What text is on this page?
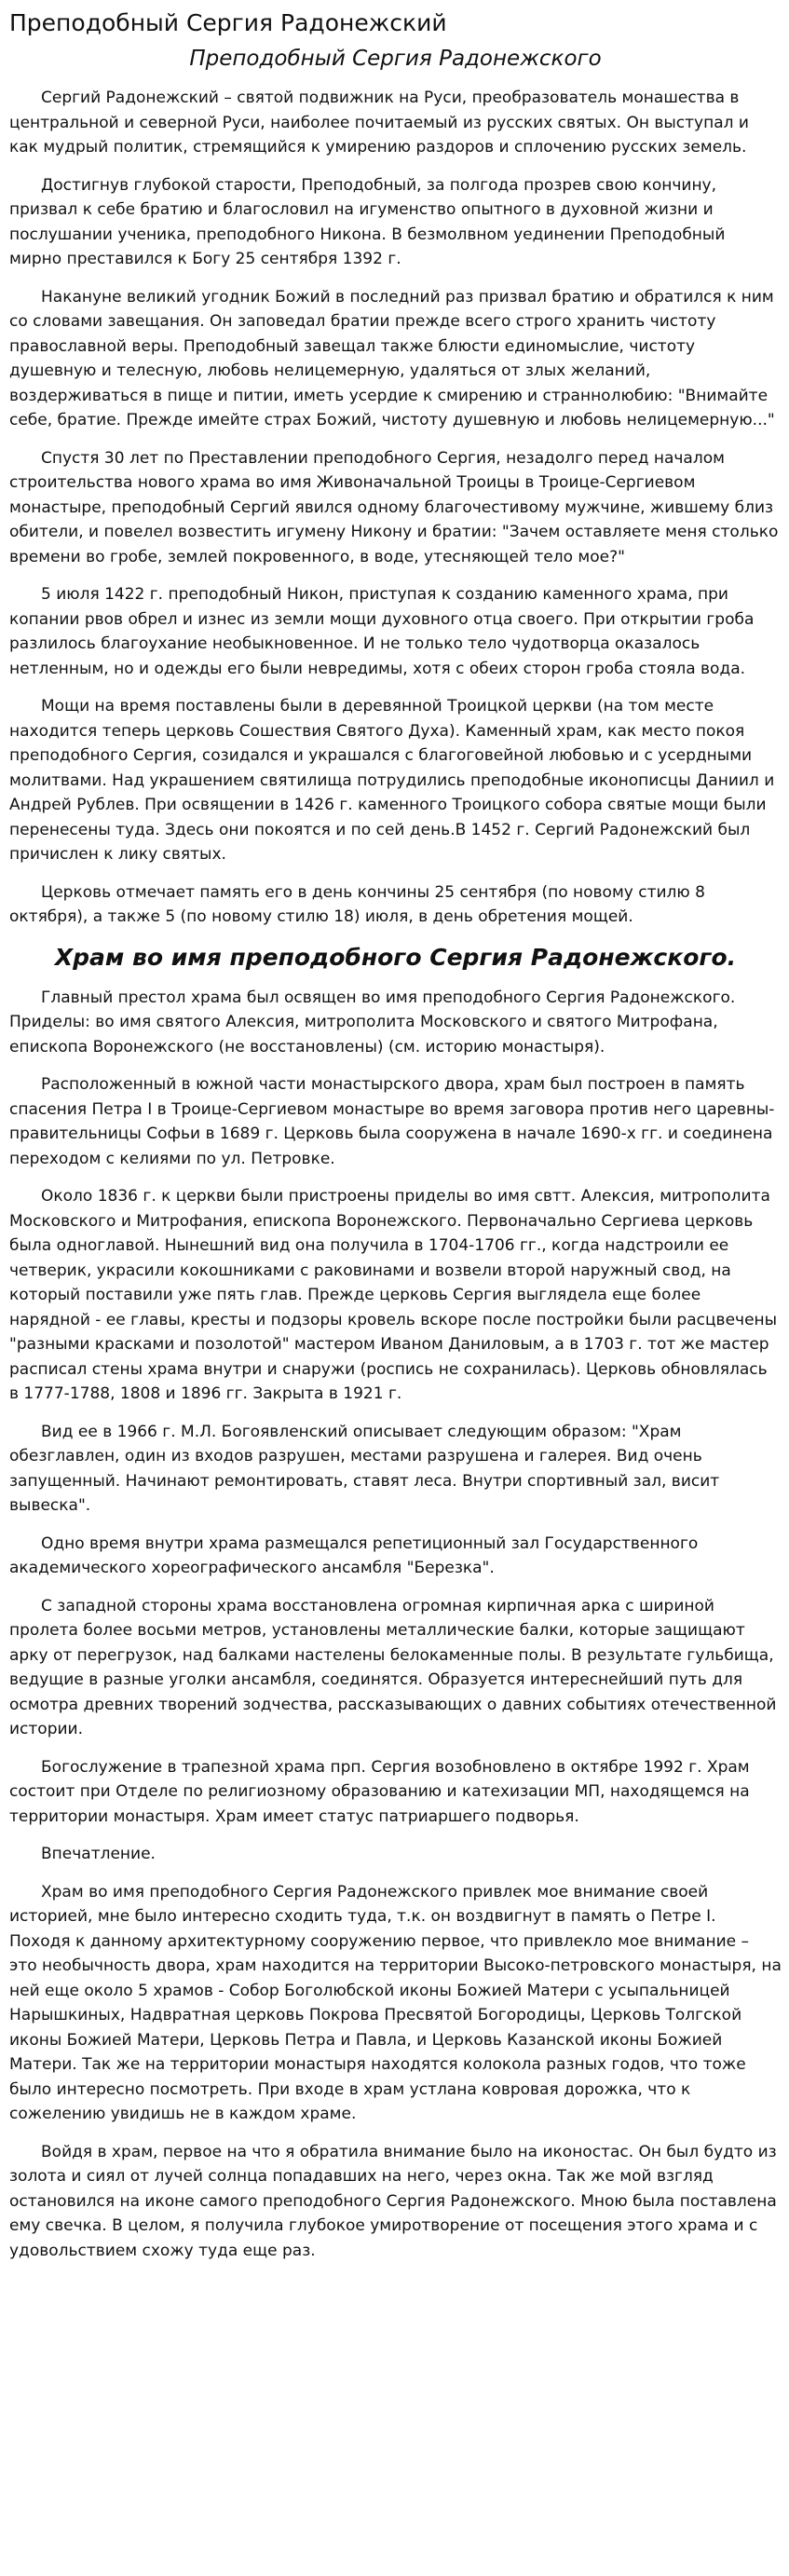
Преподобный Сергия Радонежский
Преподобный Сергия Радонежского

Сергий Радонежский – святой подвижник на Руси, преобразователь монашества в центральной и северной Руси, наиболее почитаемый из русских святых. Он выступал и как мудрый политик, стремящийся к умирению раздоров и сплочению русских земель.

Достигнув глубокой старости, Преподобный, за полгода прозрев свою кончину, призвал к себе братию и благословил на игуменство опытного в духовной жизни и послушании ученика, преподобного Никона. В безмолвном уединении Преподобный мирно преставился к Богу 25 сентября 1392 г.

Накануне великий угодник Божий в последний раз призвал братию и обратился к ним со словами завещания. Он заповедал братии прежде всего строго хранить чистоту православной веры. Преподобный завещал также блюсти единомыслие, чистоту душевную и телесную, любовь нелицемерную, удаляться от злых желаний, воздерживаться в пище и питии, иметь усердие к смирению и страннолюбию: "Внимайте себе, братие. Прежде имейте страх Божий, чистоту душевную и любовь нелицемерную..."

Спустя 30 лет по Преставлении преподобного Сергия, незадолго перед началом строительства нового храма во имя Живоначальной Троицы в Троице-Сергиевом монастыре, преподобный Сергий явился одному благочестивому мужчине, жившему близ обители, и повелел возвестить игумену Никону и братии: "Зачем оставляете меня столько времени во гробе, землей покровенного, в воде, утесняющей тело мое?"

5 июля 1422 г. преподобный Никон, приступая к созданию каменного храма, при копании рвов обрел и изнес из земли мощи духовного отца своего. При открытии гроба разлилось благоухание необыкновенное. И не только тело чудотворца оказалось нетленным, но и одежды его были невредимы, хотя с обеих сторон гроба стояла вода.

Мощи на время поставлены были в деревянной Троицкой церкви (на том месте находится теперь церковь Сошествия Святого Духа). Каменный храм, как место покоя преподобного Сергия, созидался и украшался с благоговейной любовью и с усердными молитвами. Над украшением святилища потрудились преподобные иконописцы Даниил и Андрей Рублев. При освящении в 1426 г. каменного Троицкого собора святые мощи были перенесены туда. Здесь они покоятся и по сей день.В 1452 г. Сергий Радонежский был причислен к лику святых.

Церковь отмечает память его в день кончины 25 сентября (по новому стилю 8 октября), а также 5 (по новому стилю 18) июля, в день обретения мощей.

Храм во имя преподобного Сергия Радонежского.

Главный престол храма был освящен во имя преподобного Сергия Радонежского. Приделы: во имя святого Алексия, митрополита Московского и святого Митрофана, епископа Воронежского (не восстановлены) (см. историю монастыря).

Расположенный в южной части монастырского двора, храм был построен в память спасения Петра I в Троице-Сергиевом монастыре во время заговора против него царевны-правительницы Софьи в 1689 г. Церковь была сооружена в начале 1690-х гг. и соединена переходом с келиями по ул. Петровке.

Около 1836 г. к церкви были пристроены приделы во имя свтт. Алексия, митрополита Московского и Митрофания, епископа Воронежского. Первоначально Сергиева церковь была одноглавой. Нынешний вид она получила в 1704-1706 гг., когда надстроили ее четверик, украсили кокошниками с раковинами и возвели второй наружный свод, на который поставили уже пять глав. Прежде церковь Сергия выглядела еще более нарядной - ее главы, кресты и подзоры кровель вскоре после постройки были расцвечены "разными красками и позолотой" мастером Иваном Даниловым, а в 1703 г. тот же мастер расписал стены храма внутри и снаружи (роспись не сохранилась). Церковь обновлялась в 1777-1788, 1808 и 1896 гг. Закрыта в 1921 г.

Вид ее в 1966 г. М.Л. Богоявленский описывает следующим образом: "Храм обезглавлен, один из входов разрушен, местами разрушена и галерея. Вид очень запущенный. Начинают ремонтировать, ставят леса. Внутри спортивный зал, висит вывеска".

Одно время внутри храма размещался репетиционный зал Государственного академического хореографического ансамбля "Березка".

С западной стороны храма восстановлена огромная кирпичная арка с шириной пролета более восьми метров, установлены металлические балки, которые защищают арку от перегрузок, над балками настелены белокаменные полы. В результате гульбища, ведущие в разные уголки ансамбля, соединятся. Образуется интереснейший путь для осмотра древних творений зодчества, рассказывающих о давних событиях отечественной истории.

Богослужение в трапезной храма прп. Сергия возобновлено в октябре 1992 г. Храм состоит при Отделе по религиозному образованию и катехизации МП, находящемся на территории монастыря. Храм имеет статус патриаршего подворья.

Впечатление.

Храм во имя преподобного Сергия Радонежского привлек мое внимание своей историей, мне было интересно сходить туда, т.к. он воздвигнут в память о Петре I. Походя к данному архитектурному сооружению первое, что привлекло мое внимание – это необычность двора, храм находится на территории Высоко-петровского монастыря, на ней еще около 5 храмов - Собор Боголюбской иконы Божией Матери с усыпальницей Нарышкиных, Надвратная церковь Покрова Пресвятой Богородицы, Церковь Толгской иконы Божией Матери, Церковь Петра и Павла, и Церковь Казанской иконы Божией Матери. Так же на территории монастыря находятся колокола разных годов, что тоже было интересно посмотреть. При входе в храм устлана ковровая дорожка, что к сожелению увидишь не в каждом храме.

Войдя в храм, первое на что я обратила внимание было на иконостас. Он был будто из золота и сиял от лучей солнца попадавших на него, через окна. Так же мой взгляд остановился на иконе самого преподобного Сергия Радонежского. Мною была поставлена ему свечка. В целом, я получила глубокое умиротворение от посещения этого храма и с удовольствием схожу туда еще раз.
